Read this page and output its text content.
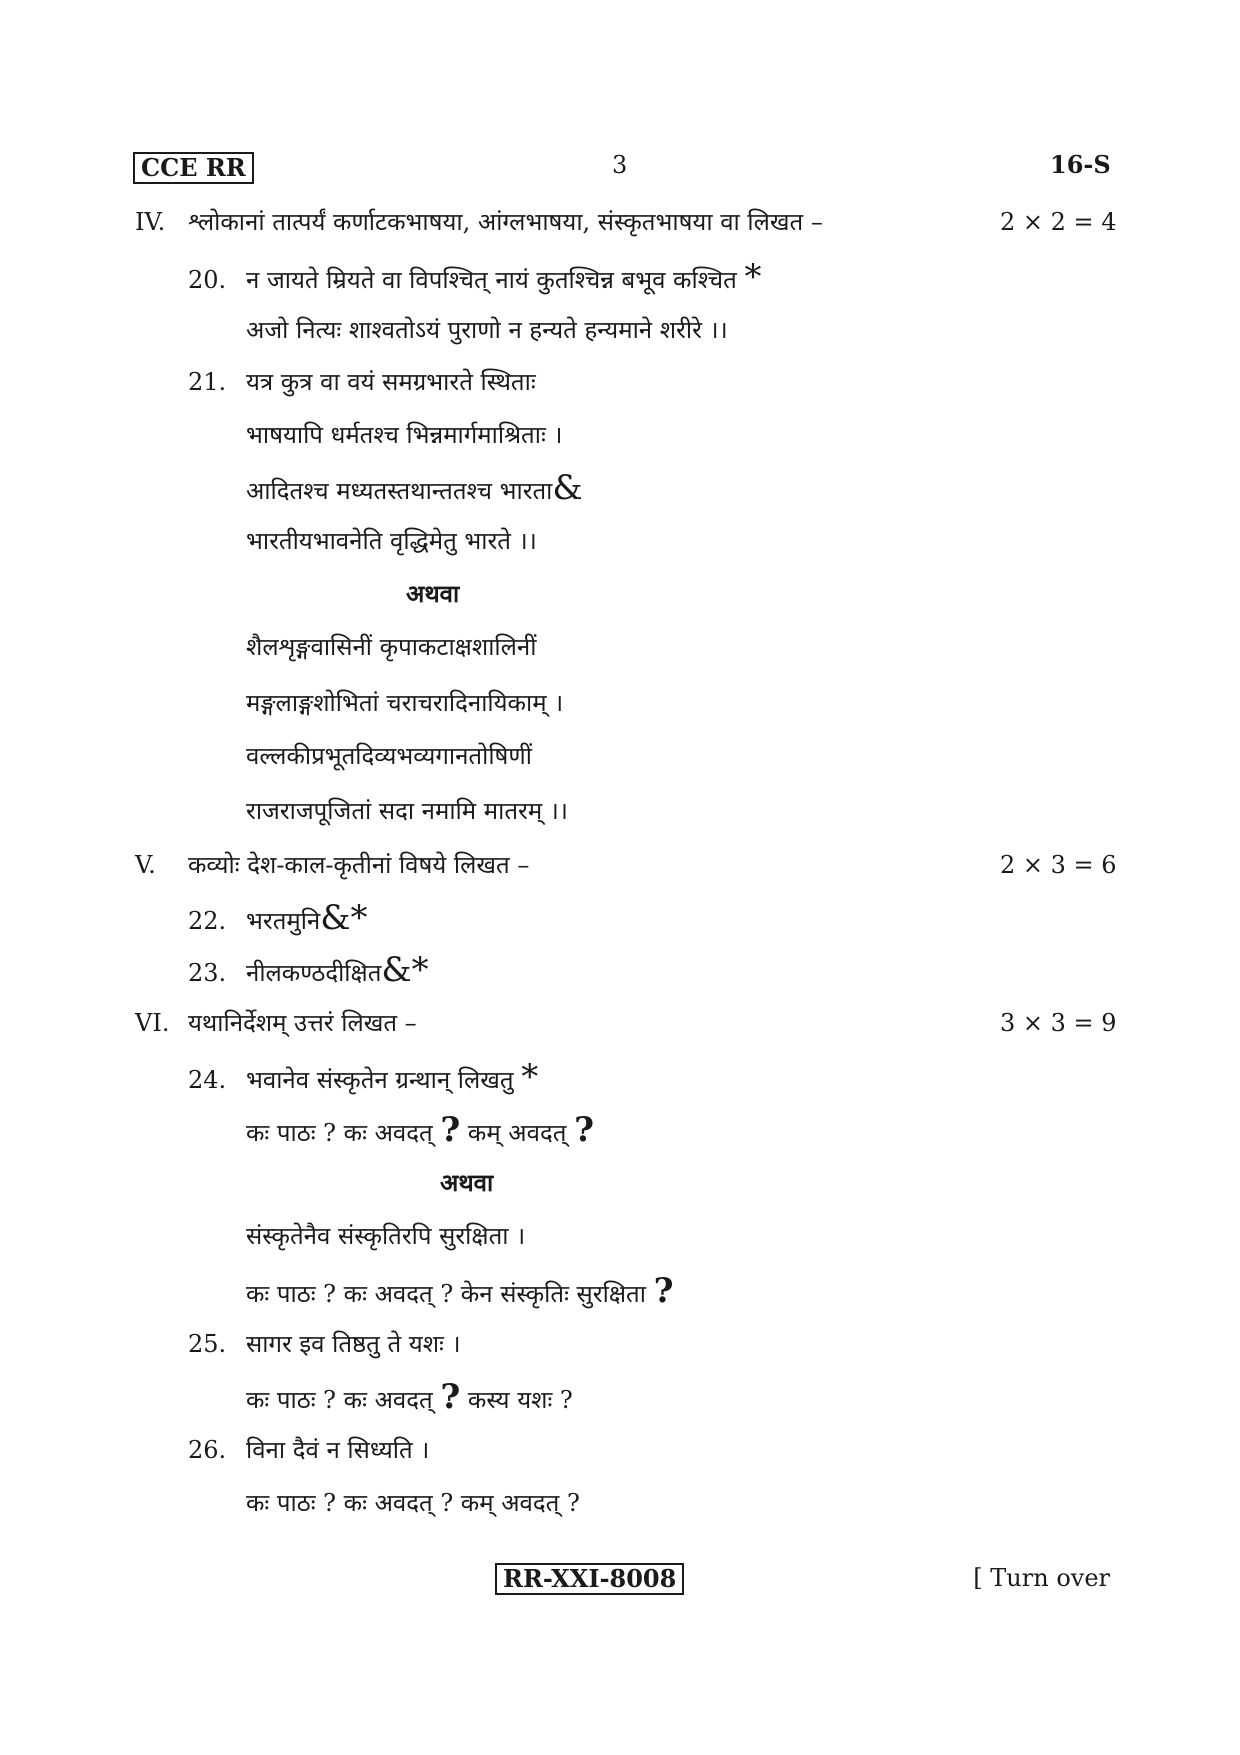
CCE RR	3	16-S
IV. श्लोकानां तात्पर्यं कर्णाटकभाषया, आंग्लभाषया, संस्कृतभाषया वा लिखत –	2 × 2 = 4
20. न जायते म्रियते वा विपश्चित् नायं कुतश्चिन्न बभूव कश्चित *
अजो नित्यः शाश्वतोऽयं पुराणो न हन्यते हन्यमाने शरीरे ।।
21. यत्र कुत्र वा वयं समग्रभारते स्थिताः
भाषयापि धर्मतश्च भिन्नमार्गमाश्रिताः ।
आदितश्च मध्यतस्तथान्ततश्च भारता&
भारतीयभावनेति वृद्धिमेतु भारते ।।
अथवा
शैलशृङ्गवासिनीं कृपाकटाक्षशालिनीं
मङ्गलाङ्गशोभितां चराचरादिनायिकाम् ।
वल्लकीप्रभूतदिव्यभव्यगानतोषिणीं
राजराजपूजितां सदा नमामि मातरम् ।।
V. कव्योः देश-काल-कृतीनां विषये लिखत –	2 × 3 = 6
22. भरतमुनि&*
23. नीलकण्ठदीक्षित&*
VI. यथानिर्देशम् उत्तरं लिखत –	3 × 3 = 9
24. भवानेव संस्कृतेन ग्रन्थान् लिखतु *
कः पाठः ? कः अवदत् ? कम् अवदत् ?
अथवा
संस्कृतेनैव संस्कृतिरपि सुरक्षिता ।
कः पाठः ? कः अवदत् ? केन संस्कृतिः सुरक्षिता ?
25. सागर इव तिष्ठतु ते यशः ।
कः पाठः ? कः अवदत् ? कस्य यशः ?
26. विना दैवं न सिध्यति ।
कः पाठः ? कः अवदत् ? कम् अवदत् ?
RR-XXI-8008	[ Turn over
